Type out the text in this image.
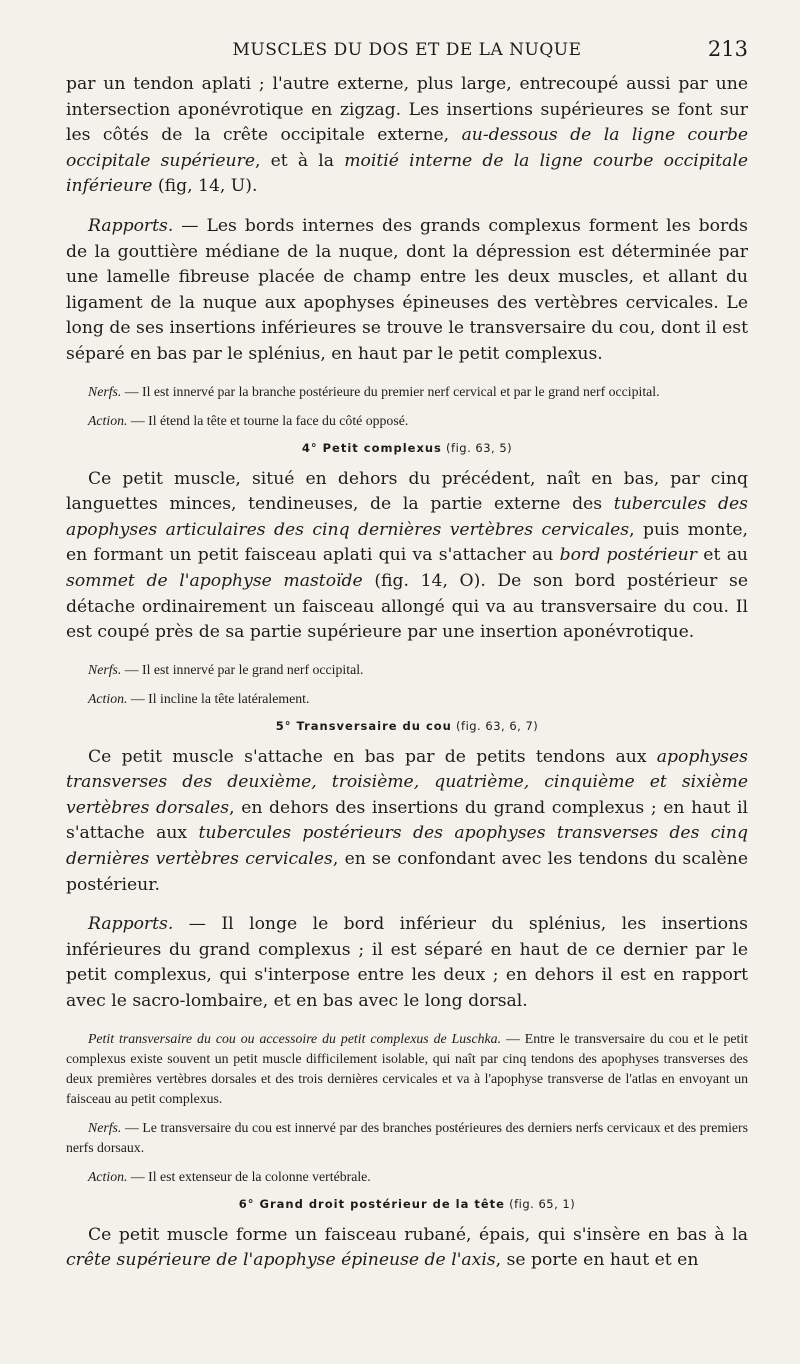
MUSCLES DU DOS ET DE LA NUQUE	213

par un tendon aplati ; l'autre externe, plus large, entrecoupé aussi par une intersection aponévrotique en zigzag. Les insertions supérieures se font sur les côtés de la crête occipitale externe, au-dessous de la ligne courbe occipitale supérieure, et à la moitié interne de la ligne courbe occipitale inférieure (fig, 14, U).

Rapports. — Les bords internes des grands complexus forment les bords de la gouttière médiane de la nuque, dont la dépression est déterminée par une lamelle fibreuse placée de champ entre les deux muscles, et allant du ligament de la nuque aux apophyses épineuses des vertèbres cervicales. Le long de ses insertions inférieures se trouve le transversaire du cou, dont il est séparé en bas par le splénius, en haut par le petit complexus.

Nerfs. — Il est innervé par la branche postérieure du premier nerf cervical et par le grand nerf occipital.

Action. — Il étend la tête et tourne la face du côté opposé.

4° Petit complexus (fig. 63, 5)

Ce petit muscle, situé en dehors du précédent, naît en bas, par cinq languettes minces, tendineuses, de la partie externe des tubercules des apophyses articulaires des cinq dernières vertèbres cervicales, puis monte, en formant un petit faisceau aplati qui va s'attacher au bord postérieur et au sommet de l'apophyse mastoïde (fig. 14, O). De son bord postérieur se détache ordinairement un faisceau allongé qui va au transversaire du cou. Il est coupé près de sa partie supérieure par une insertion aponévrotique.

Nerfs. — Il est innervé par le grand nerf occipital.

Action. — Il incline la tête latéralement.

5° Transversaire du cou (fig. 63, 6, 7)

Ce petit muscle s'attache en bas par de petits tendons aux apophyses transverses des deuxième, troisième, quatrième, cinquième et sixième vertèbres dorsales, en dehors des insertions du grand complexus ; en haut il s'attache aux tubercules postérieurs des apophyses transverses des cinq dernières vertèbres cervicales, en se confondant avec les tendons du scalène postérieur.

Rapports. — Il longe le bord inférieur du splénius, les insertions inférieures du grand complexus ; il est séparé en haut de ce dernier par le petit complexus, qui s'interpose entre les deux ; en dehors il est en rapport avec le sacro-lombaire, et en bas avec le long dorsal.

Petit transversaire du cou ou accessoire du petit complexus de Luschka. — Entre le transversaire du cou et le petit complexus existe souvent un petit muscle difficilement isolable, qui naît par cinq tendons des apophyses transverses des deux premières vertèbres dorsales et des trois dernières cervicales et va à l'apophyse transverse de l'atlas en envoyant un faisceau au petit complexus.

Nerfs. — Le transversaire du cou est innervé par des branches postérieures des derniers nerfs cervicaux et des premiers nerfs dorsaux.

Action. — Il est extenseur de la colonne vertébrale.

6° Grand droit postérieur de la tête (fig. 65, 1)

Ce petit muscle forme un faisceau rubané, épais, qui s'insère en bas à la crête supérieure de l'apophyse épineuse de l'axis, se porte en haut et en
